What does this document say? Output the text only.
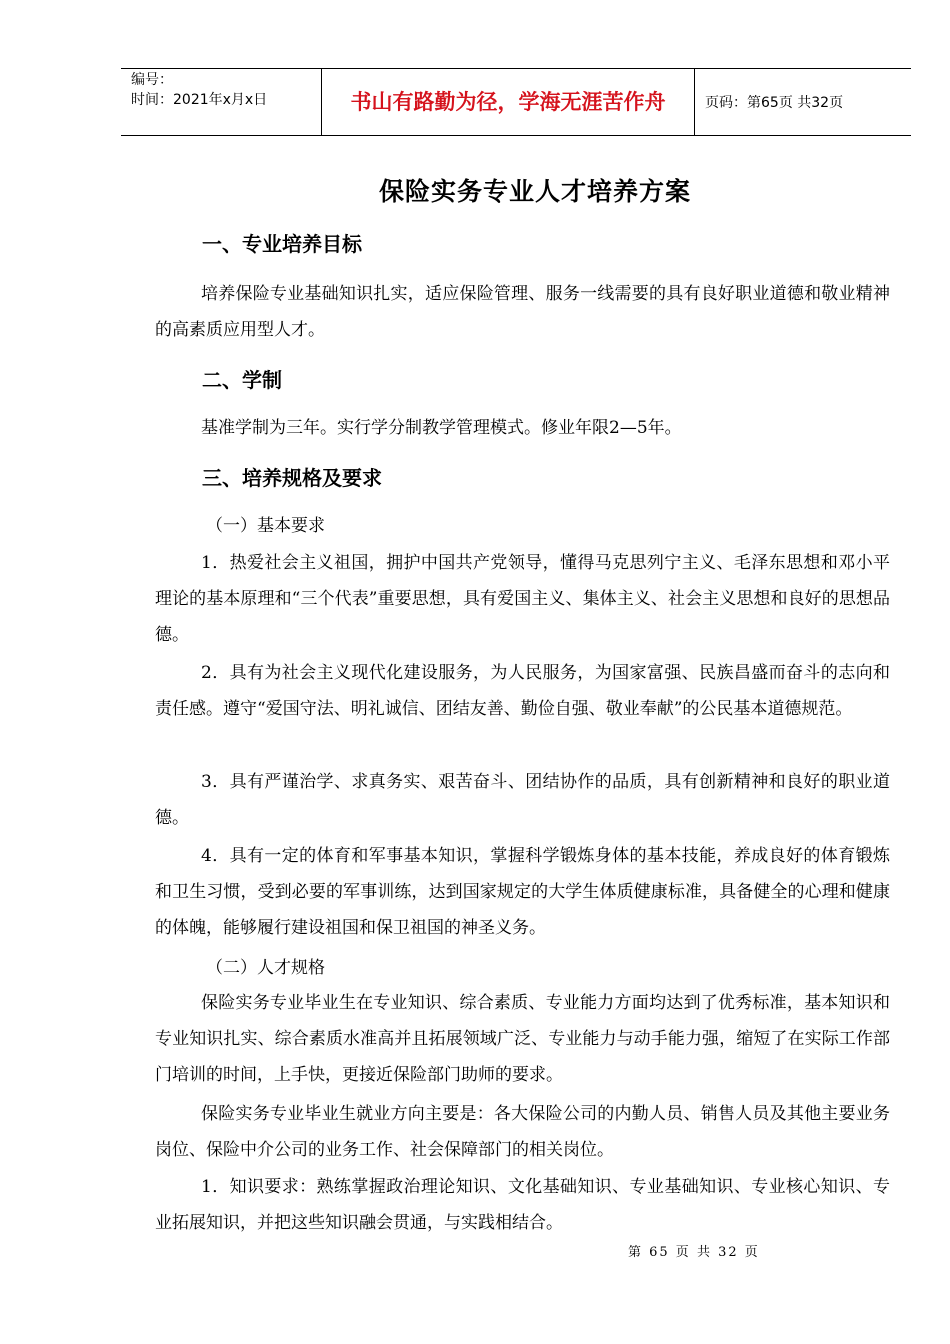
编号：
时间：2021年x月x日	书山有路勤为径，学海无涯苦作舟	页码：第65页 共32页
保险实务专业人才培养方案
一、专业培养目标
培养保险专业基础知识扎实，适应保险管理、服务一线需要的具有良好职业道德和敬业精神的高素质应用型人才。
二、学制
基准学制为三年。实行学分制教学管理模式。修业年限2—5年。
三、培养规格及要求
（一）基本要求
1．热爱社会主义祖国，拥护中国共产党领导，懂得马克思列宁主义、毛泽东思想和邓小平理论的基本原理和“三个代表”重要思想，具有爱国主义、集体主义、社会主义思想和良好的思想品德。
2．具有为社会主义现代化建设服务，为人民服务，为国家富强、民族昌盛而奋斗的志向和责任感。遵守“爱国守法、明礼诚信、团结友善、勤俭自强、敬业奉献”的公民基本道德规范。
3．具有严谨治学、求真务实、艰苦奋斗、团结协作的品质，具有创新精神和良好的职业道德。
4．具有一定的体育和军事基本知识，掌握科学锻炼身体的基本技能，养成良好的体育锻炼和卫生习惯，受到必要的军事训练，达到国家规定的大学生体质健康标准，具备健全的心理和健康的体魄，能够履行建设祖国和保卫祖国的神圣义务。
（二）人才规格
保险实务专业毕业生在专业知识、综合素质、专业能力方面均达到了优秀标准，基本知识和专业知识扎实、综合素质水准高并且拓展领域广泛、专业能力与动手能力强，缩短了在实际工作部门培训的时间，上手快，更接近保险部门助师的要求。
保险实务专业毕业生就业方向主要是：各大保险公司的内勤人员、销售人员及其他主要业务岗位、保险中介公司的业务工作、社会保障部门的相关岗位。
1．知识要求：熟练掌握政治理论知识、文化基础知识、专业基础知识、专业核心知识、专业拓展知识，并把这些知识融会贯通，与实践相结合。
第 65 页 共 32 页
